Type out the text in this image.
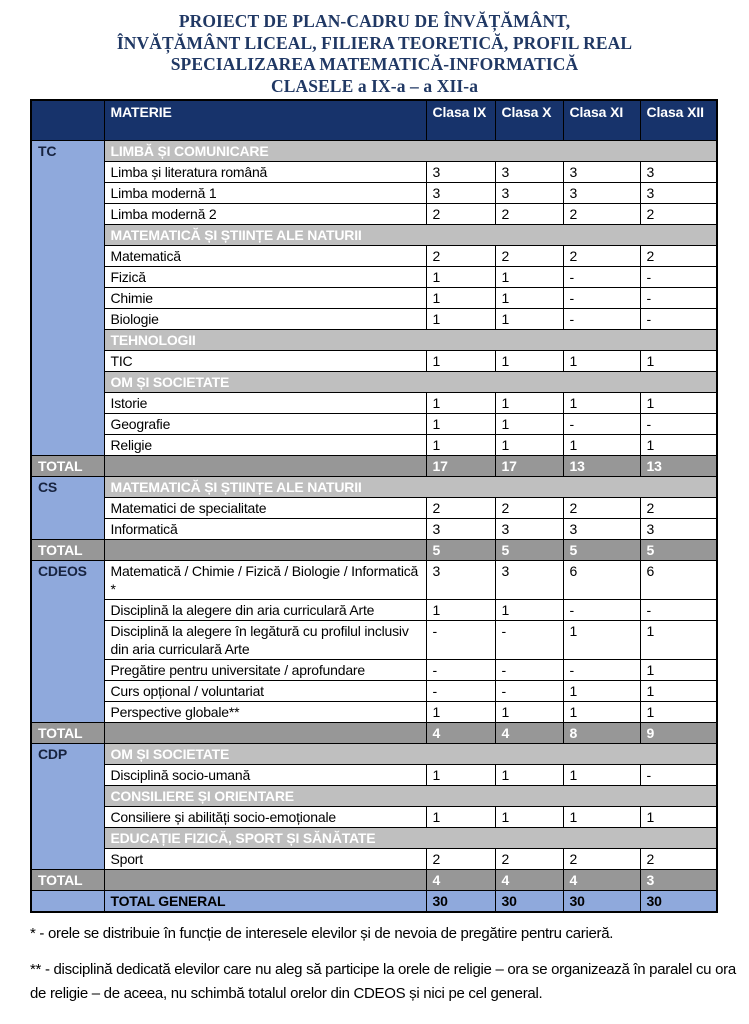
PROIECT DE PLAN-CADRU DE ÎNVĂȚĂMÂNT,
ÎNVĂȚĂMÂNT LICEAL, FILIERA TEORETICĂ, PROFIL REAL
SPECIALIZAREA MATEMATICĂ-INFORMATICĂ
CLASELE a IX-a – a XII-a
	MATERIE	Clasa IX	Clasa X	Clasa XI	Clasa XII
TC	LIMBĂ ȘI COMUNICARE				
	Limba și literatura română	3	3	3	3
	Limba modernă 1	3	3	3	3
	Limba modernă 2	2	2	2	2
	MATEMATICĂ ȘI ȘTIINȚE ALE NATURII				
	Matematică	2	2	2	2
	Fizică	1	1	-	-
	Chimie	1	1	-	-
	Biologie	1	1	-	-
	TEHNOLOGII				
	TIC	1	1	1	1
	OM ȘI SOCIETATE				
	Istorie	1	1	1	1
	Geografie	1	1	-	-
	Religie	1	1	1	1
TOTAL		17	17	13	13
CS	MATEMATICĂ ȘI ȘTIINȚE ALE NATURII				
	Matematici de specialitate	2	2	2	2
	Informatică	3	3	3	3
TOTAL		5	5	5	5
CDEOS	Matematică / Chimie / Fizică / Biologie / Informatică *	3	3	6	6
	Disciplină la alegere din aria curriculară Arte	1	1	-	-
	Disciplină la alegere în legătură cu profilul inclusiv din aria curriculară Arte	-	-	1	1
	Pregătire pentru universitate / aprofundare	-	-	-	1
	Curs opțional / voluntariat	-	-	1	1
	Perspective globale**	1	1	1	1
TOTAL		4	4	8	9
CDP	OM ȘI SOCIETATE				
	Disciplină socio-umană	1	1	1	-
	CONSILIERE ȘI ORIENTARE				
	Consiliere și abilități socio-emoționale	1	1	1	1
	EDUCAȚIE FIZICĂ, SPORT ȘI SĂNĂTATE				
	Sport	2	2	2	2
TOTAL		4	4	4	3
	TOTAL GENERAL	30	30	30	30
* - orele se distribuie în funcție de interesele elevilor și de nevoia de pregătire pentru carieră.
** - disciplină dedicată elevilor care nu aleg să participe la orele de religie – ora se organizează în paralel cu ora de religie – de aceea, nu schimbă totalul orelor din CDEOS și nici pe cel general.
